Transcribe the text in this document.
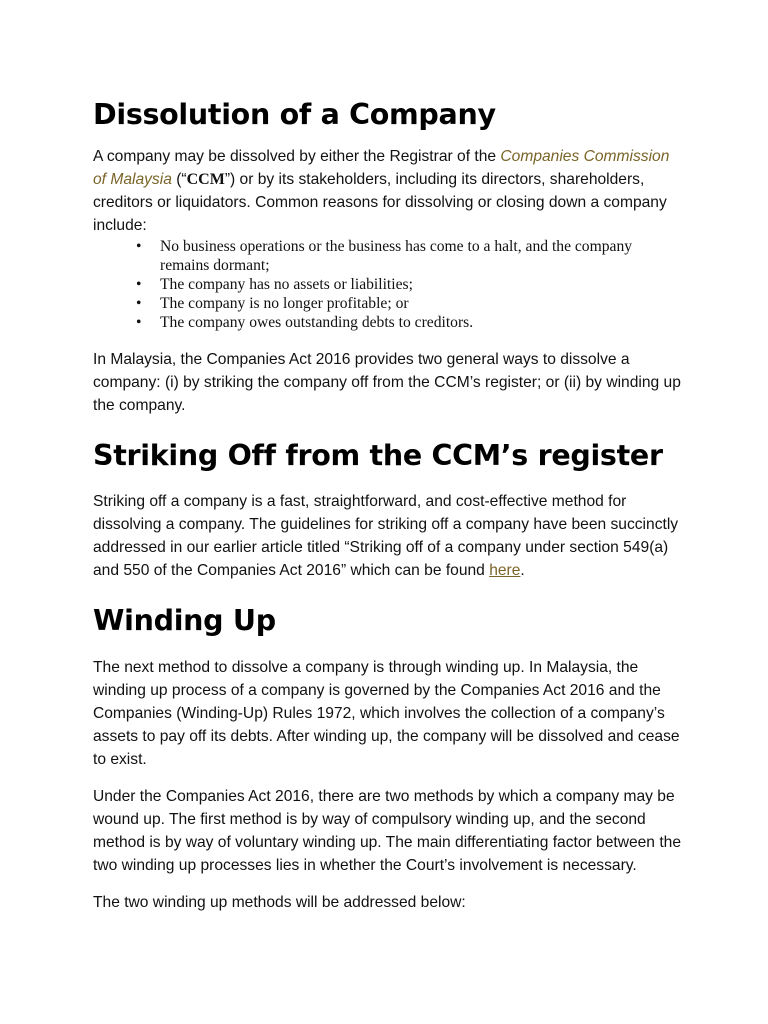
Dissolution of a Company

A company may be dissolved by either the Registrar of the Companies Commission of Malaysia (“CCM”) or by its stakeholders, including its directors, shareholders, creditors or liquidators. Common reasons for dissolving or closing down a company include:

• No business operations or the business has come to a halt, and the company remains dormant;
• The company has no assets or liabilities;
• The company is no longer profitable; or
• The company owes outstanding debts to creditors.

In Malaysia, the Companies Act 2016 provides two general ways to dissolve a company: (i) by striking the company off from the CCM’s register; or (ii) by winding up the company.

Striking Off from the CCM’s register

Striking off a company is a fast, straightforward, and cost-effective method for dissolving a company. The guidelines for striking off a company have been succinctly addressed in our earlier article titled “Striking off of a company under section 549(a) and 550 of the Companies Act 2016” which can be found here.

Winding Up

The next method to dissolve a company is through winding up. In Malaysia, the winding up process of a company is governed by the Companies Act 2016 and the Companies (Winding-Up) Rules 1972, which involves the collection of a company’s assets to pay off its debts. After winding up, the company will be dissolved and cease to exist.

Under the Companies Act 2016, there are two methods by which a company may be wound up. The first method is by way of compulsory winding up, and the second method is by way of voluntary winding up. The main differentiating factor between the two winding up processes lies in whether the Court’s involvement is necessary.

The two winding up methods will be addressed below:
